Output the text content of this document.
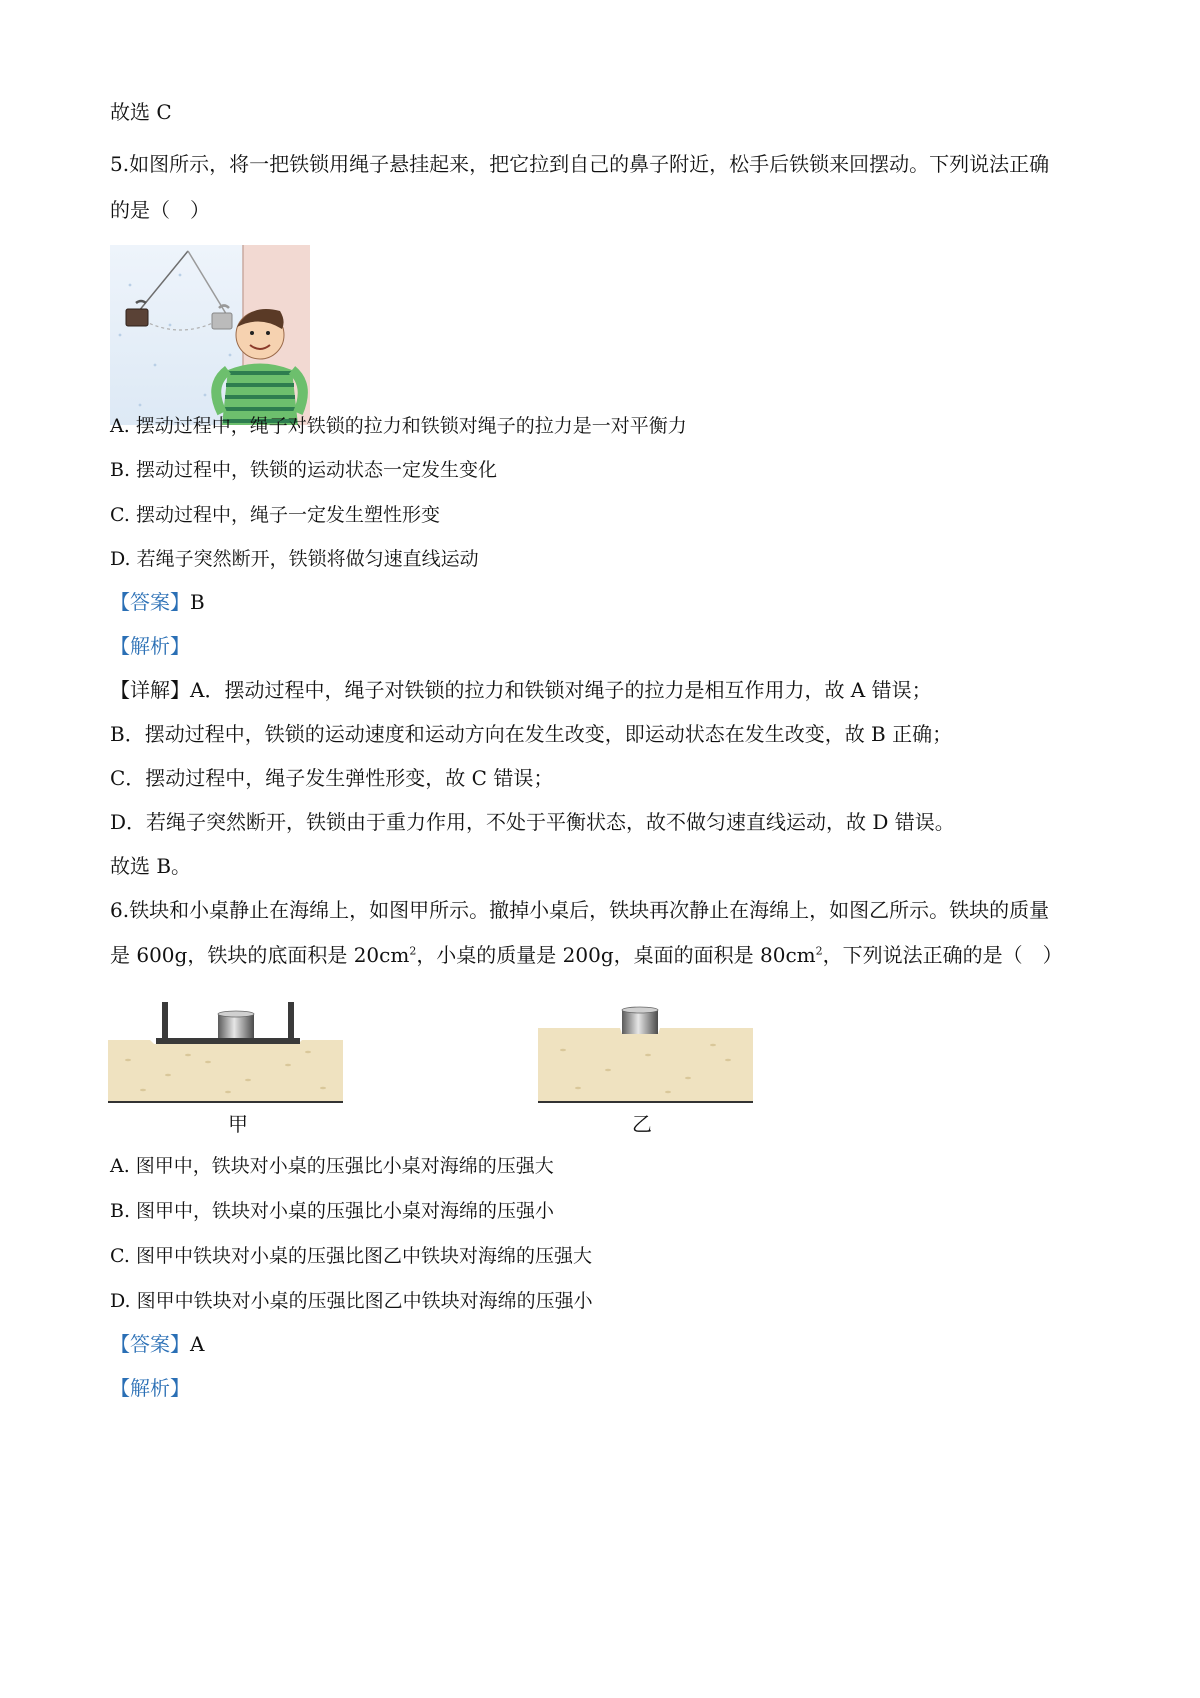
故选 C
5.如图所示，将一把铁锁用绳子悬挂起来，把它拉到自己的鼻子附近，松手后铁锁来回摆动。下列说法正确
的是（　）
A. 摆动过程中，绳子对铁锁的拉力和铁锁对绳子的拉力是一对平衡力
B. 摆动过程中，铁锁的运动状态一定发生变化
C. 摆动过程中，绳子一定发生塑性形变
D. 若绳子突然断开，铁锁将做匀速直线运动
【答案】B
【解析】
【详解】A．摆动过程中，绳子对铁锁的拉力和铁锁对绳子的拉力是相互作用力，故 A 错误；
B．摆动过程中，铁锁的运动速度和运动方向在发生改变，即运动状态在发生改变，故 B 正确；
C．摆动过程中，绳子发生弹性形变，故 C 错误；
D．若绳子突然断开，铁锁由于重力作用，不处于平衡状态，故不做匀速直线运动，故 D 错误。
故选 B。
6.铁块和小桌静止在海绵上，如图甲所示。撤掉小桌后，铁块再次静止在海绵上，如图乙所示。铁块的质量
是 600g，铁块的底面积是 $20cm^2$，小桌的质量是 200g，桌面的面积是 $80cm^2$，下列说法正确的是（　）
甲	乙
A. 图甲中，铁块对小桌的压强比小桌对海绵的压强大
B. 图甲中，铁块对小桌的压强比小桌对海绵的压强小
C. 图甲中铁块对小桌的压强比图乙中铁块对海绵的压强大
D. 图甲中铁块对小桌的压强比图乙中铁块对海绵的压强小
【答案】A
【解析】
